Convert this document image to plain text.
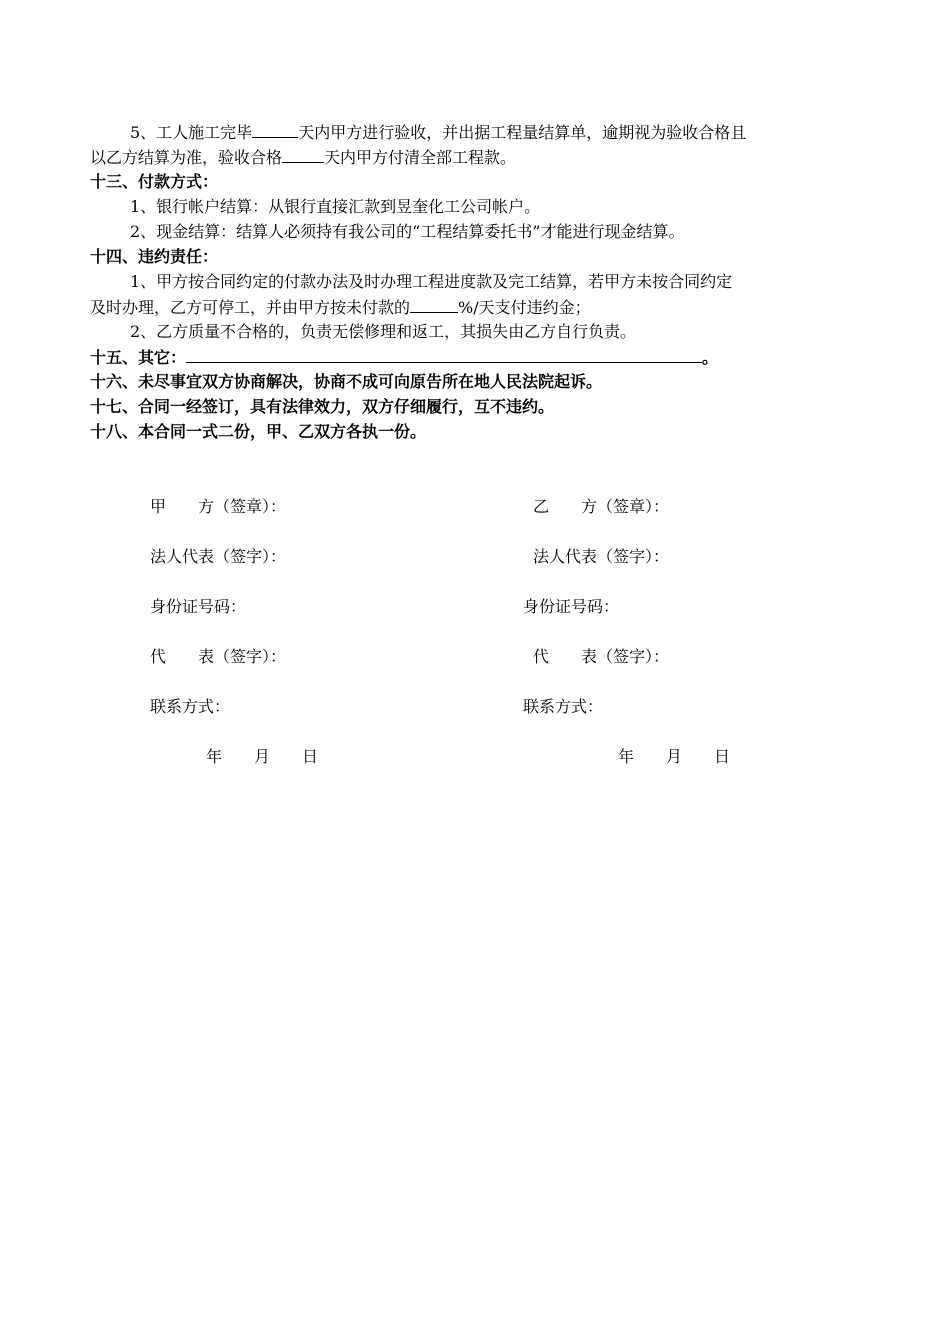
5、工人施工完毕	天内甲方进行验收，并出据工程量结算单，逾期视为验收合格且
以乙方结算为准，验收合格	天内甲方付清全部工程款。
十三、付款方式：
1、银行帐户结算：从银行直接汇款到昱奎化工公司帐户。
2、现金结算：结算人必须持有我公司的“工程结算委托书”才能进行现金结算。
十四、违约责任：
1、甲方按合同约定的付款办法及时办理工程进度款及完工结算，若甲方未按合同约定
及时办理，乙方可停工，并由甲方按未付款的	%/天支付违约金；
2、乙方质量不合格的，负责无偿修理和返工，其损失由乙方自行负责。
十五、其它：	。
十六、未尽事宜双方协商解决，协商不成可向原告所在地人民法院起诉。
十七、合同一经签订，具有法律效力，双方仔细履行，互不违约。
十八、本合同一式二份，甲、乙双方各执一份。
甲　　方（签章）：
法人代表（签字）：
身份证号码：
代　　表（签字）：
联系方式：
年　　月　　日
乙　　方（签章）：
法人代表（签字）：
身份证号码：
代　　表（签字）：
联系方式：
年　　月　　日
